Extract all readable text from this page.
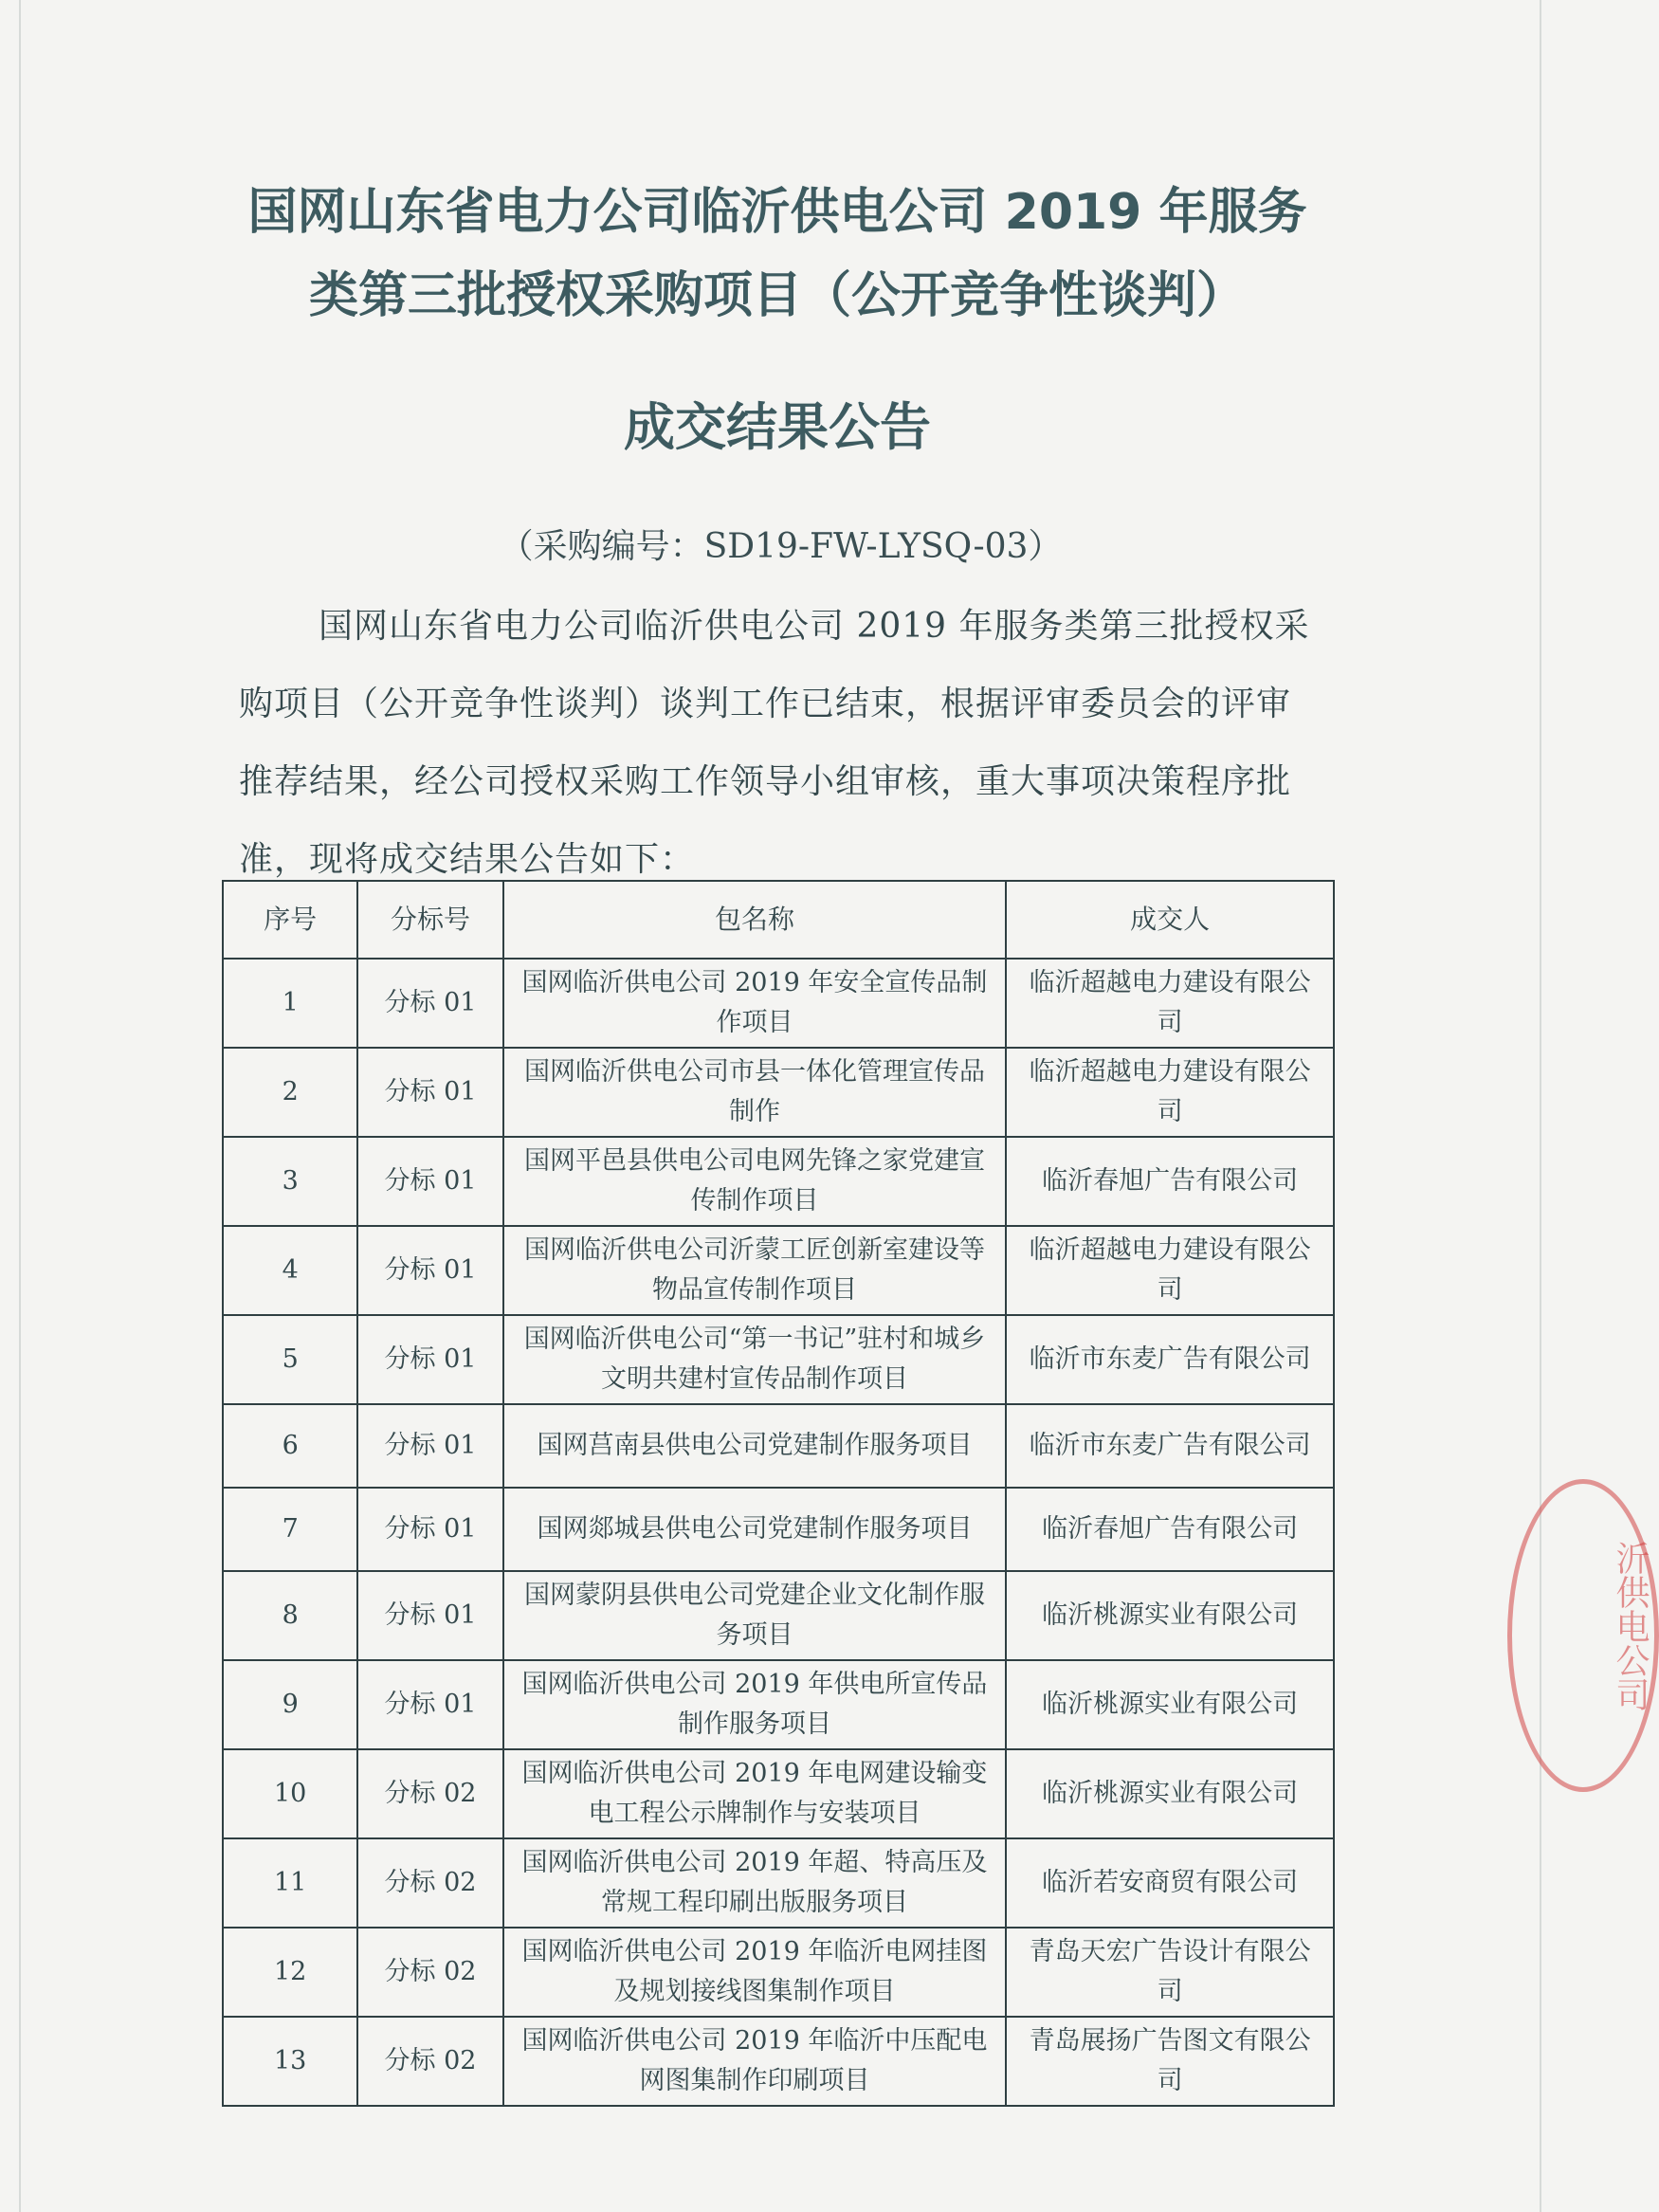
国网山东省电力公司临沂供电公司 2019 年服务
类第三批授权采购项目（公开竞争性谈判）
成交结果公告
（采购编号：SD19-FW-LYSQ-03）
国网山东省电力公司临沂供电公司 2019 年服务类第三批授权采购项目（公开竞争性谈判）谈判工作已结束，根据评审委员会的评审推荐结果，经公司授权采购工作领导小组审核，重大事项决策程序批准，现将成交结果公告如下：
序号	分标号	包名称	成交人
1	分标 01	国网临沂供电公司 2019 年安全宣传品制作项目	临沂超越电力建设有限公司
2	分标 01	国网临沂供电公司市县一体化管理宣传品制作	临沂超越电力建设有限公司
3	分标 01	国网平邑县供电公司电网先锋之家党建宣传制作项目	临沂春旭广告有限公司
4	分标 01	国网临沂供电公司沂蒙工匠创新室建设等物品宣传制作项目	临沂超越电力建设有限公司
5	分标 01	国网临沂供电公司“第一书记”驻村和城乡文明共建村宣传品制作项目	临沂市东麦广告有限公司
6	分标 01	国网莒南县供电公司党建制作服务项目	临沂市东麦广告有限公司
7	分标 01	国网郯城县供电公司党建制作服务项目	临沂春旭广告有限公司
8	分标 01	国网蒙阴县供电公司党建企业文化制作服务项目	临沂桃源实业有限公司
9	分标 01	国网临沂供电公司 2019 年供电所宣传品制作服务项目	临沂桃源实业有限公司
10	分标 02	国网临沂供电公司 2019 年电网建设输变电工程公示牌制作与安装项目	临沂桃源实业有限公司
11	分标 02	国网临沂供电公司 2019 年超、特高压及常规工程印刷出版服务项目	临沂若安商贸有限公司
12	分标 02	国网临沂供电公司 2019 年临沂电网挂图及规划接线图集制作项目	青岛天宏广告设计有限公司
13	分标 02	国网临沂供电公司 2019 年临沂中压配电网图集制作印刷项目	青岛展扬广告图文有限公司
沂供电公司
